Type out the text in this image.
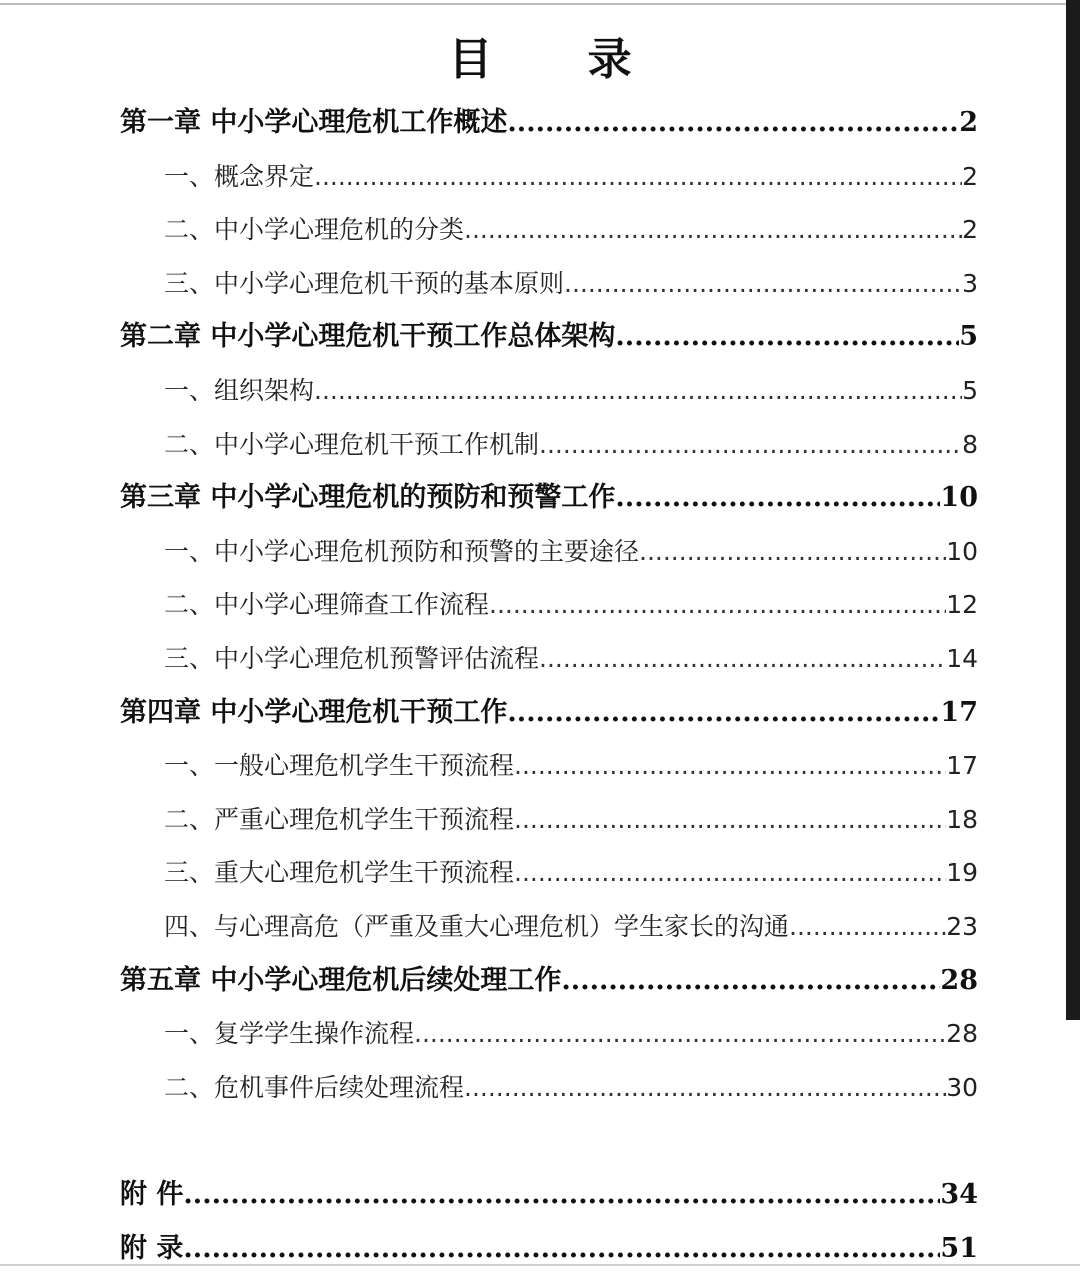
目 录
第一章 中小学心理危机工作概述 .....	2
一、概念界定 .....	2
二、中小学心理危机的分类 .....	2
三、中小学心理危机干预的基本原则 .....	3
第二章 中小学心理危机干预工作总体架构 .....	5
一、组织架构 .....	5
二、中小学心理危机干预工作机制 .....	8
第三章 中小学心理危机的预防和预警工作 .....	10
一、中小学心理危机预防和预警的主要途径 .....	10
二、中小学心理筛查工作流程 .....	12
三、中小学心理危机预警评估流程 .....	14
第四章 中小学心理危机干预工作 .....	17
一、一般心理危机学生干预流程 .....	17
二、严重心理危机学生干预流程 .....	18
三、重大心理危机学生干预流程 .....	19
四、与心理高危（严重及重大心理危机）学生家长的沟通 .....	23
第五章 中小学心理危机后续处理工作 .....	28
一、复学学生操作流程 .....	28
二、危机事件后续处理流程 .....	30
附 件 .....	34
附 录 .....	51
